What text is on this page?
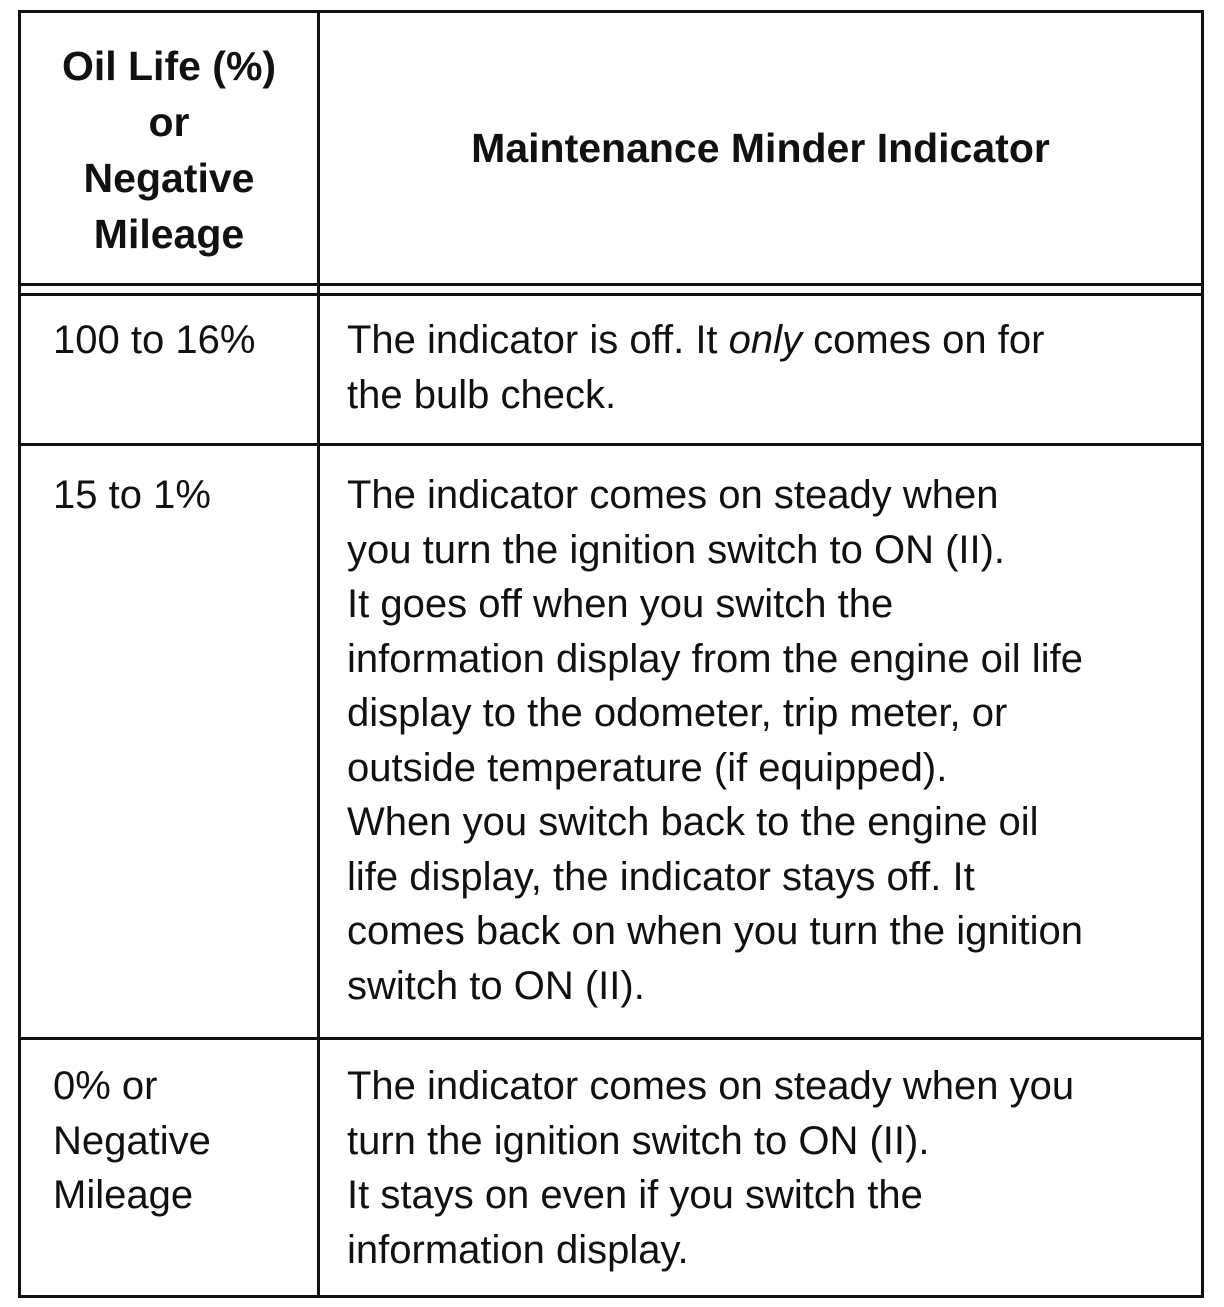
Oil Life (%)
or
Negative
Mileage
Maintenance Minder Indicator
100 to 16%	The indicator is off. It only comes on for
the bulb check.
15 to 1%	The indicator comes on steady when
you turn the ignition switch to ON (II).
It goes off when you switch the
information display from the engine oil life
display to the odometer, trip meter, or
outside temperature (if equipped).
When you switch back to the engine oil
life display, the indicator stays off. It
comes back on when you turn the ignition
switch to ON (II).
0% or
Negative
Mileage
The indicator comes on steady when you
turn the ignition switch to ON (II).
It stays on even if you switch the
information display.
